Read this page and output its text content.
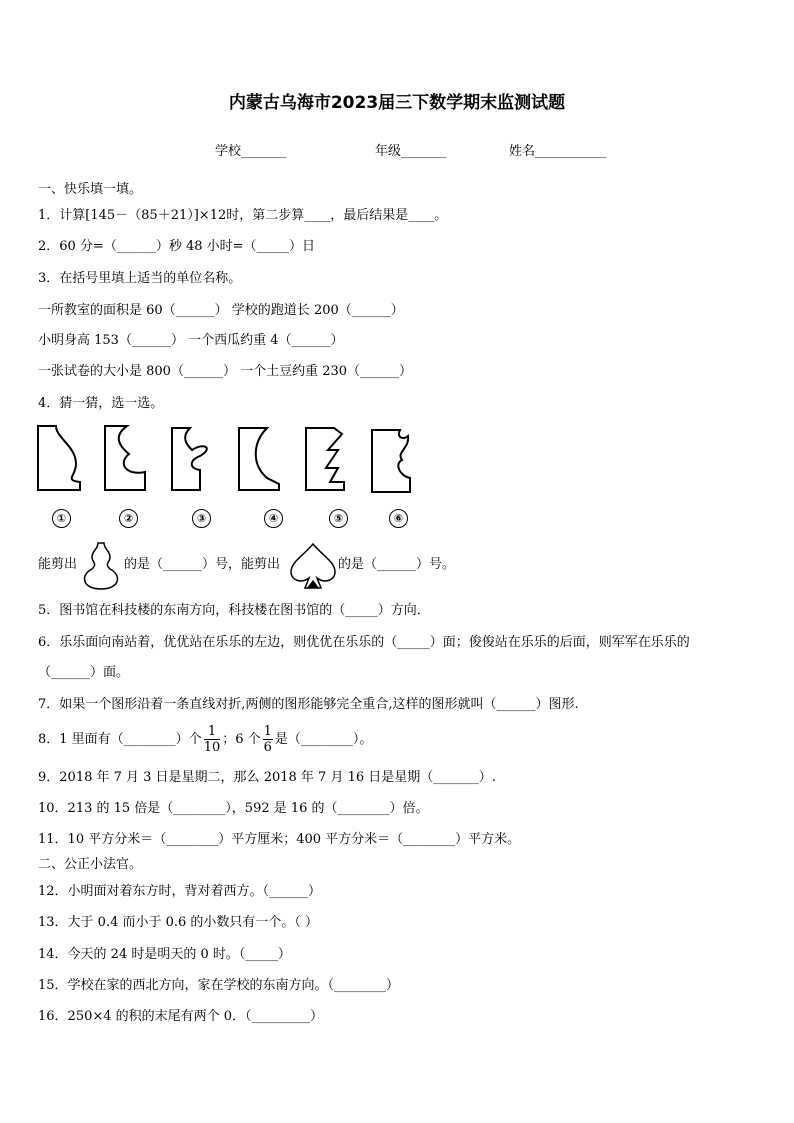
内蒙古乌海市2023届三下数学期末监测试题
学校_______	年级_______	姓名___________
一、快乐填一填。
1．计算[145－（85＋21）]×12时，第二步算____，最后结果是____。
2．60 分=（______）秒 48 小时=（_____）日
3．在括号里填上适当的单位名称。
一所教室的面积是 60（______） 学校的跑道长 200（______）
小明身高 153（______） 一个西瓜约重 4（______）
一张试卷的大小是 800（______） 一个土豆约重 230（______）
4．猜一猜，选一选。
①	②	③	④	⑤	⑥
能剪出	的是（______）号，能剪出	的是（______）号。
5．图书馆在科技楼的东南方向，科技楼在图书馆的（_____）方向．
6．乐乐面向南站着，优优站在乐乐的左边，则优优在乐乐的（_____）面；俊俊站在乐乐的后面，则军军在乐乐的
（______）面。
7．如果一个图形沿着一条直线对折,两侧的图形能够完全重合,这样的图形就叫（______）图形.
8．1 里面有（________）个 $\frac{1}{10}$ ；6 个 $\frac{1}{6}$ 是（________）。
9．2018 年 7 月 3 日是星期二，那么 2018 年 7 月 16 日是星期（_______）.
10．213 的 15 倍是（________），592 是 16 的（________）倍。
11．10 平方分米＝（________）平方厘米；400 平方分米＝（________）平方米。
二、公正小法官。
12．小明面对着东方时，背对着西方。（______）
13．大于 0.4 而小于 0.6 的小数只有一个。（ ）
14．今天的 24 时是明天的 0 时。（_____）
15．学校在家的西北方向，家在学校的东南方向。（________）
16．250×4 的积的末尾有两个 0．（_________）
